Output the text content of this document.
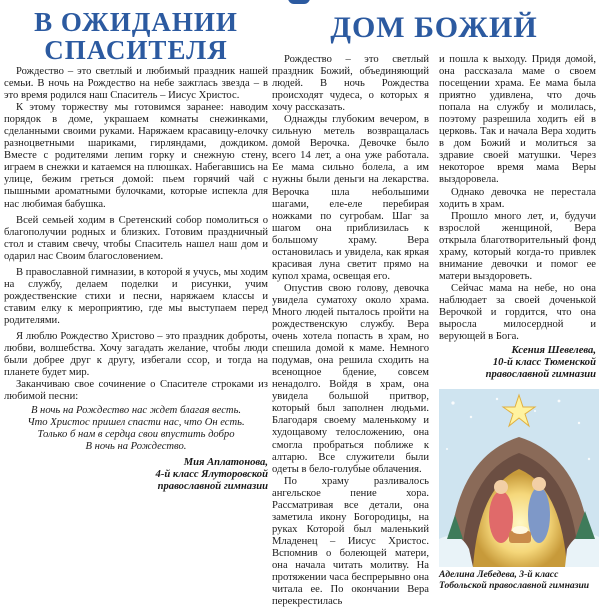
В ОЖИДАНИИ
СПАСИТЕЛЯ

Рождество – это светлый и любимый праздник нашей семьи. В ночь на Рождество на небе зажглась звезда – в это время родился наш Спаситель – Иисус Христос.

К этому торжеству мы готовимся заранее: наводим порядок в доме, украшаем комнаты снежинками, сделанными своими руками. Наряжаем красавицу-елочку разноцветными шариками, гирляндами, дождиком. Вместе с родителями лепим горку и снежную стену, играем в снежки и катаемся на плюшках. Набегавшись на улице, бежим греться домой: пьем горячий чай с пышными ароматными булочками, которые испекла для нас любимая бабушка.

Всей семьей ходим в Сретенский собор помолиться о благополучии родных и близких. Готовим праздничный стол и ставим свечу, чтобы Спаситель нашел наш дом и одарил нас Своим благословением.

В православной гимназии, в которой я учусь, мы ходим на службу, делаем поделки и рисунки, учим рождественские стихи и песни, наряжаем классы и ставим елку к мероприятию, где мы выступаем перед родителями.

Я люблю Рождество Христово – это праздник доброты, любви, волшебства. Хочу загадать желание, чтобы люди были добрее друг к другу, избегали ссор, и тогда на планете будет мир.

Заканчиваю свое сочинение о Спасителе строками из любимой песни:

В ночь на Рождество нас ждет благая весть.

Что Христос пришел спасти нас, что Он есть.

Только б нам в сердца свои впустить добро

В ночь на Рождество.

Мия Аплатонова,

4-й класс Ялуторовской

православной гимназии

ДОМ БОЖИЙ

Рождество – это светлый праздник Божий, объединяющий людей. В ночь Рождества происходят чудеса, о которых я хочу рассказать.

Однажды глубоким вечером, в сильную метель возвращалась домой Верочка. Девочке было всего 14 лет, а она уже работала. Ее мама сильно болела, а им нужны были деньги на лекарства. Верочка шла небольшими шагами, еле-еле перебирая ножками по сугробам. Шаг за шагом она приблизилась к большому храму. Вера остановилась и увидела, как яркая красивая луна светит прямо на купол храма, освещая его.

Опустив свою голову, девочка увидела суматоху около храма. Много людей пыталось пройти на рождественскую службу. Вера очень хотела попасть в храм, но спешила домой к маме. Немного подумав, она решила сходить на всенощное бдение, совсем ненадолго. Войдя в храм, она увидела большой притвор, который был заполнен людьми. Благодаря своему маленькому и худощавому телосложению, она смогла пробраться поближе к алтарю. Все служители были одеты в бело-голубые облачения.

По храму разливалось ангельское пение хора. Рассматривая все детали, она заметила икону Богородицы, на руках Которой был маленький Младенец – Иисус Христос. Вспомнив о болеющей матери, она начала читать молитву. На протяжении часа беспрерывно она читала ее. По окончании Вера перекрестилась

и пошла к выходу. Придя домой, она рассказала маме о своем посещении храма. Ее мама была приятно удивлена, что дочь попала на службу и молилась, поэтому разрешила ходить ей в церковь. Так и начала Вера ходить в дом Божий и молиться за здравие своей матушки. Через некоторое время мама Веры выздоровела.

Однако девочка не перестала ходить в храм.

Прошло много лет, и, будучи взрослой женщиной, Вера открыла благотворительный фонд храму, который когда-то привлек внимание девочки и помог ее матери выздороветь.

Сейчас мама на небе, но она наблюдает за своей доченькой Верочкой и гордится, что она выросла милосердной и верующей в Бога.

Ксения Шевелева,

10-й класс Тюменской

православной гимназии

Аделина Лебедева, 3-й класс Тобольской православной гимназии
